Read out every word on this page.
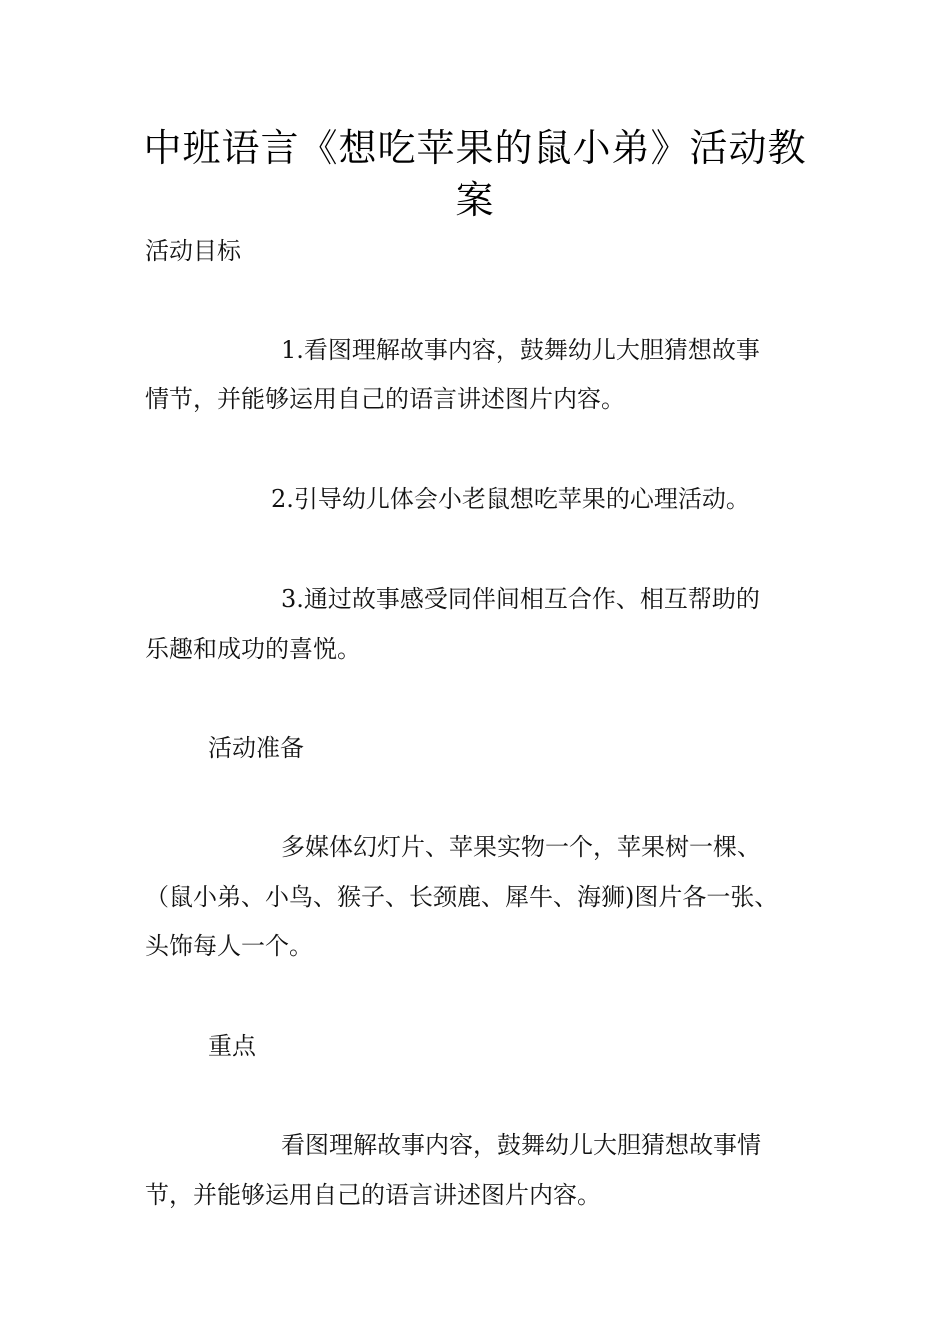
中班语言《想吃苹果的鼠小弟》活动教案
活动目标
1.看图理解故事内容，鼓舞幼儿大胆猜想故事
情节，并能够运用自己的语言讲述图片内容。
2.引导幼儿体会小老鼠想吃苹果的心理活动。
3.通过故事感受同伴间相互合作、相互帮助的
乐趣和成功的喜悦。
活动准备
多媒体幻灯片、苹果实物一个，苹果树一棵、
（鼠小弟、小鸟、猴子、长颈鹿、犀牛、海狮)图片各一张、
头饰每人一个。
重点
看图理解故事内容，鼓舞幼儿大胆猜想故事情
节，并能够运用自己的语言讲述图片内容。
